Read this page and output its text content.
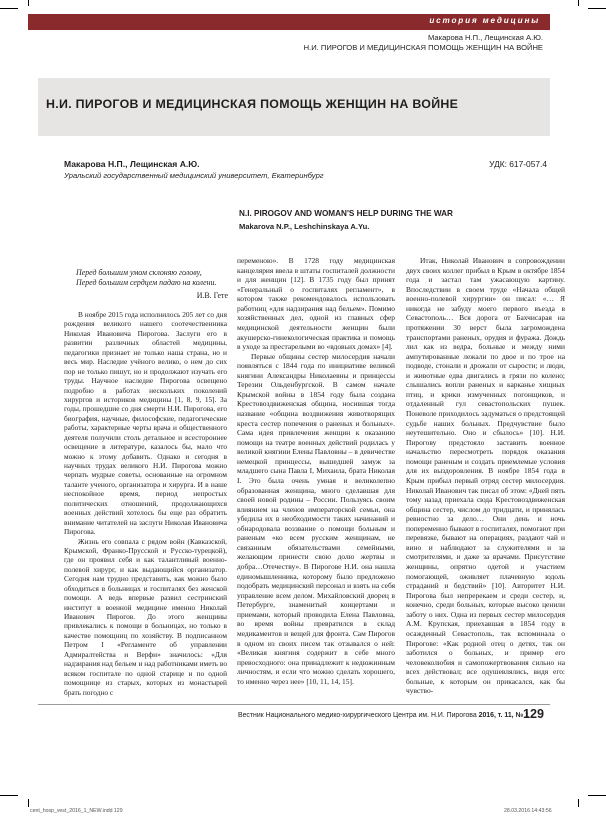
история медицины
Макарова Н.П., Лещинская А.Ю.
Н.И. ПИРОГОВ И МЕДИЦИНСКАЯ ПОМОЩЬ ЖЕНЩИН НА ВОЙНЕ
Н.И. ПИРОГОВ И МЕДИЦИНСКАЯ ПОМОЩЬ ЖЕНЩИН НА ВОЙНЕ
Макарова Н.П., Лещинская А.Ю.
Уральский государственный медицинский университет, Екатеринбург
УДК: 617-057.4
N.I. PIROGOV AND WOMAN'S HELP DURING THE WAR
Makarova N.P., Leshchinskaya A.Yu.
Перед большим умом склоняю голову,
Перед большим сердцем падаю на колени.
И.В. Гете

В ноябре 2015 года исполнилось 205 лет со дня рождения великого нашего соотечественника Николая Ивановича Пирогова. Заслуги его в развитии различных областей медицины, педагогики признает не только наша страна, но и весь мир. Наследие учёного велико, о нем до сих пор не только пишут, но и продолжают изучать его труды. Научное наследие Пирогова освещено подробно в работах нескольких поколений хирургов и историков медицины [1, 8, 9, 15]. За годы, прошедшие со дня смерти Н.И. Пирогова, его биография, научные, философские, педагогические работы, характерные черты врача и общественного деятеля получили столь детальное и всестороннее освещение в литературе, казалось бы, мало что можно к этому добавить. Однако и сегодня в научных трудах великого Н.И. Пирогова можно черпать мудрые советы, основанные на огромном таланте ученого, организатора и хирурга. И в наше неспокойное время, период непростых политических отношений, продолжающихся военных действий хотелось бы еще раз обратить внимание читателей на заслуги Николая Ивановича Пирогова.

Жизнь его совпала с рядом войн (Кавказской, Крымской, Франко-Прусской и Русско-турецкой), где он проявил себя и как талантливый военно-полевой хирург, и как выдающийся организатор. Сегодня нам трудно представить, как можно было обходиться в больницах и госпиталях без женской помощи. А ведь впервые развил сестринский институт в военной медицине именно Николай Иванович Пирогов. До этого женщины привлекались к помощи в больницах, но только в качестве помощниц по хозяйству. В подписанном Петром I «Регламенте об управлении Адмиралтейства и Верфи» значилось: «Для надзирания над бельем и над работниками иметь во всяком госпитале по одной старице и по одной помощнице из старых, которых из монастырей брать погодно с

переменою». В 1728 году медицинская канцелярия ввела в штаты госпиталей должности и для женщин [12]. В 1735 году был принят «Генеральный о госпиталях регламент», в котором также рекомендовалось использовать работниц «для надзирания над бельем». Помимо хозяйственных дел, одной из главных сфер медицинской деятельности женщин были акушерско-гинекологическая практика и помощь в уходе за престарелыми во «вдовьих домах» [4].

Первые общины сестер милосердия начали появляться с 1844 года по инициативе великой княгини Александры Николаевны и принцессы Терезии Ольденбургской. В самом начале Крымской войны в 1854 году была создана Крестовоздвиженская община, носившая тогда название «община воздвижения животворящих креста сестер попечения о раненых и больных». Сама идея привлечения женщин к оказанию помощи на театре военных действий родилась у великой княгини Елены Павловны – в девичестве немецкой принцессы, вышедшей замуж за младшего сына Павла I, Михаила, брата Николая I. Это была очень умная и великолепно образованная женщина, много сделавшая для своей новой родины – России. Пользуясь своим влиянием на членов императорской семьи, она убедила их в необходимости таких начинаний и обнародовала воззвание о помощи больным и раненым «ко всем русским женщинам, не связанным обязательствами семейными, желающим принести свою долю жертвы и добра…Отечеству». В Пирогове Н.И. она нашла единомышленника, которому было предложено подобрать медицинский персонал и взять на себя управление всем делом. Михайловский дворец в Петербурге, знаменитый концертами и приемами, который проводила Елена Павловна, во время войны превратился в склад медикаментов и вещей для фронта. Сам Пирогов в одном из своих писем так отзывался о ней: «Великая княгиня содержит в себе много превосходного: она принадлежит к недюжинным личностям, и если что можно сделать хорошего, то именно через нее» [10, 11, 14, 15].

Итак, Николай Иванович в сопровождении двух своих коллег прибыл в Крым в октябре 1854 года и застал там ужасающую картину. Впоследствии в своем труде «Начала общей военно-полевой хирургии» он писал: «… Я никогда не забуду моего первого въезда в Севастополь… Вся дорога от Бахчисарая на протяжении 30 верст была загромождена транспортами раненых, орудия и фуража. Дождь лил как из ведра, больные и между ними ампутированные лежали по двое и по трое на подводе, стонали и дрожали от сырости; и люди, и животные едва двигались в грязи по колено; слышались вопли раненых и карканье хищных птиц, и крики измученных погонщиков, и отдаленный гул севастопольских пушек. Поневоле приходилось задуматься о предстоящей судьбе наших больных. Предчувствие было неутешительно. Оно и сбылось» [10]. Н.И. Пирогову предстояло заставить военное начальство пересмотреть порядок оказания помощи раненым и создать приемлемые условия для их выздоровления. В ноябре 1854 года в Крым прибыл первый отряд сестер милосердия. Николай Иванович так писал об этом: «Дней пять тому назад приехала сюда Крестовоздвиженская община сестер, числом до тридцати, и принялась ревностно за дело… Они день и ночь попеременно бывают в госпиталях, помогают при перевязке, бывают на операциях, раздают чай и вино и наблюдают за служителями и за смотрителями, и даже за врачами. Присутствие женщины, опрятно одетой и участием помогающей, оживляет плачевную юдоль страданий и бедствий» [10]. Авторитет Н.И. Пирогова был непререкаем и среди сестер, и, конечно, среди больных, которые высоко ценили заботу о них. Одна из первых сестер милосердия А.М. Крупская, приехавшая в 1854 году в осажденный Севастополь, так вспоминала о Пирогове: «Как родной отец о детях, так он заботился о больных, и пример его человеколюбия и самопожертвования сильно на всех действовал; все одушевлялись, видя его: больные, к которым он прикасался, как бы чувство-

Вестник Национального медико-хирургического Центра им. Н.И. Пирогова 2016, т. 11, № 1
129
cent_hosp_vest_2016_1_NEW.indd 129	28.03.2016 14:43:56
